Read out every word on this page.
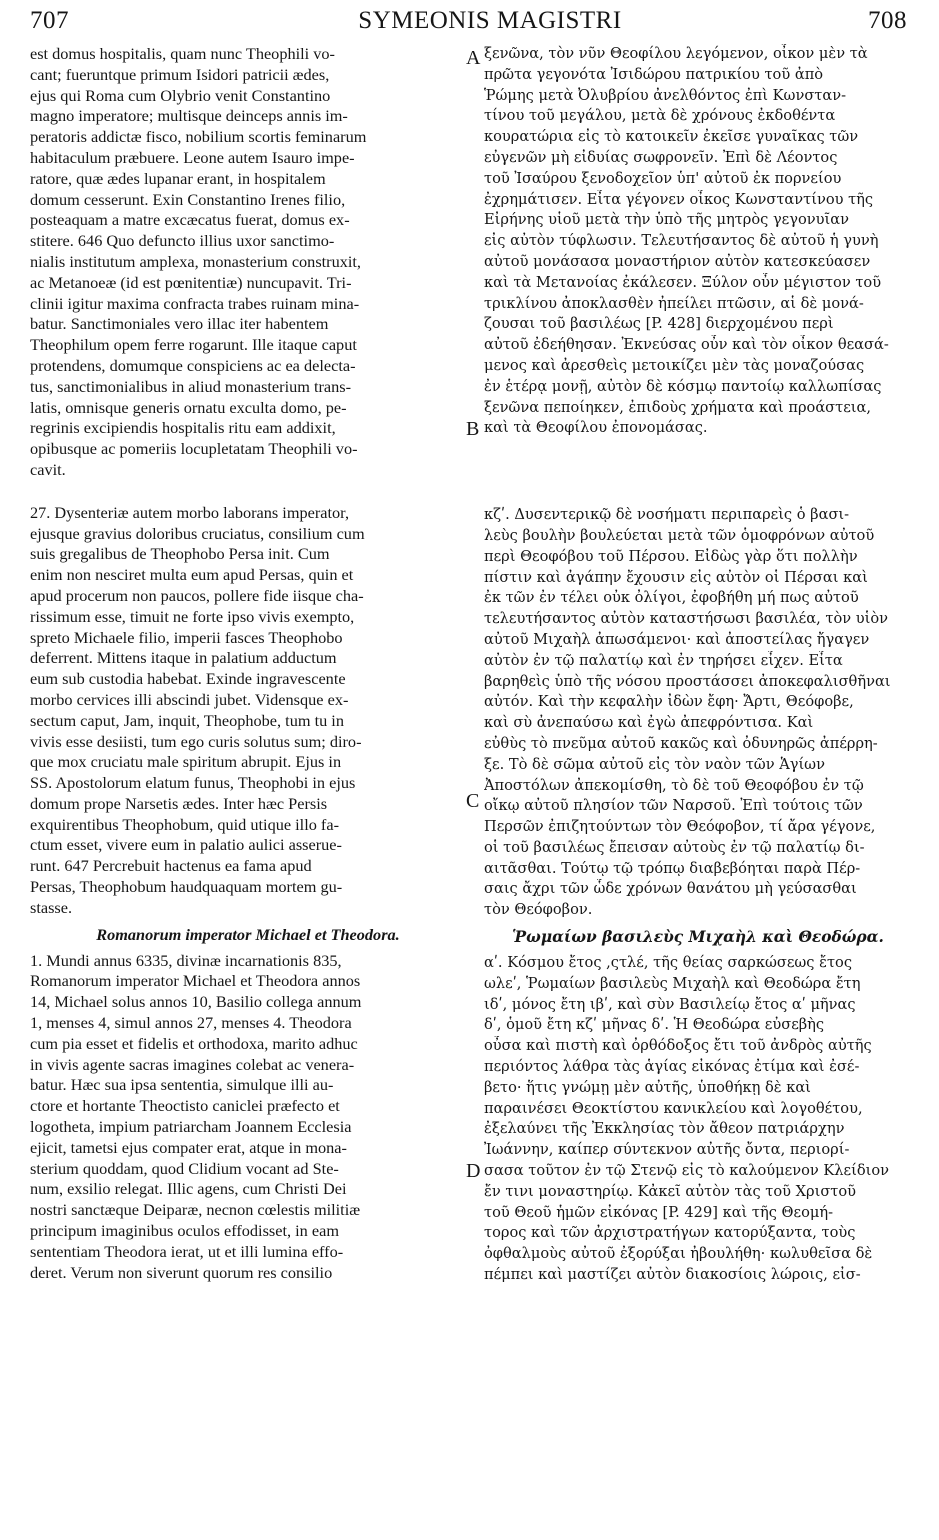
707	SYMEONIS MAGISTRI	708
est domus hospitalis, quam nunc Theophili vo-
cant; fueruntque primum Isidori patricii ædes,
ejus qui Roma cum Olybrio venit Constantino
magno imperatore; multisque deinceps annis im-
peratoris addictæ fisco, nobilium scortis feminarum
habitaculum præbuere. Leone autem Isauro impe-
ratore, quæ ædes lupanar erant, in hospitalem
domum cesserunt. Exin Constantino Irenes filio,
posteaquam a matre excæcatus fuerat, domus ex-
stitere. 646 Quo defuncto illius uxor sanctimo-
nialis institutum amplexa, monasterium construxit,
ac Metanoeæ (id est pœnitentiæ) nuncupavit. Tri-
clinii igitur maxima confracta trabes ruinam mina-
batur. Sanctimoniales vero illac iter habentem
Theophilum opem ferre rogarunt. Ille itaque caput
protendens, domumque conspiciens ac ea delecta-
tus, sanctimonialibus in aliud monasterium trans-
latis, omnisque generis ornatu exculta domo, pe-
regrinis excipiendis hospitalis ritu eam addixit,
opibusque ac pomeriis locupletatam Theophili vo-
cavit.
27. Dysenteriæ autem morbo laborans imperator,
ejusque gravius doloribus cruciatus, consilium cum
suis gregalibus de Theophobo Persa init. Cum
enim non nesciret multa eum apud Persas, quin et
apud procerum non paucos, pollere fide iisque cha-
rissimum esse, timuit ne forte ipso vivis exempto,
spreto Michaele filio, imperii fasces Theophobo
deferrent. Mittens itaque in palatium adductum
eum sub custodia habebat. Exinde ingravescente
morbo cervices illi abscindi jubet. Vidensque ex-
sectum caput, Jam, inquit, Theophobe, tum tu in
vivis esse desiisti, tum ego curis solutus sum; diro-
que mox cruciatu male spiritum abrupit. Ejus in
SS. Apostolorum elatum funus, Theophobi in ejus
domum prope Narsetis ædes. Inter hæc Persis
exquirentibus Theophobum, quid utique illo fa-
ctum esset, vivere eum in palatio aulici asserue-
runt. 647 Percrebuit hactenus ea fama apud
Persas, Theophobum haudquaquam mortem gu-
stasse.
Romanorum imperator Michael et Theodora.
1. Mundi annus 6335, divinæ incarnationis 835,
Romanorum imperator Michael et Theodora annos
14, Michael solus annos 10, Basilio collega annum
1, menses 4, simul annos 27, menses 4. Theodora
cum pia esset et fidelis et orthodoxa, marito adhuc
in vivis agente sacras imagines colebat ac venera-
batur. Hæc sua ipsa sententia, simulque illi au-
ctore et hortante Theoctisto caniclei præfecto et
logotheta, impium patriarcham Joannem Ecclesia
ejicit, tametsi ejus compater erat, atque in mona-
sterium quoddam, quod Clidium vocant ad Ste-
num, exsilio relegat. Illic agens, cum Christi Dei
nostri sanctæque Deiparæ, necnon cœlestis militiæ
principum imaginibus oculos effodisset, in eam
sententiam Theodora ierat, ut et illi lumina effo-
deret. Verum non siverunt quorum res consilio
ξενῶνα, τὸν νῦν Θεοφίλου λεγόμενον, οἶκον μὲν τὰ
πρῶτα γεγονότα Ἰσιδώρου πατρικίου τοῦ ἀπὸ
Ῥώμης μετὰ Ὀλυβρίου ἀνελθόντος ἐπὶ Κωνσταν-
τίνου τοῦ μεγάλου, μετὰ δὲ χρόνους ἐκδοθέντα
κουρατώρια εἰς τὸ κατοικεῖν ἐκεῖσε γυναῖκας τῶν
εὐγενῶν μὴ εἰδυίας σωφρονεῖν. Ἐπὶ δὲ Λέοντος
τοῦ Ἰσαύρου ξενοδοχεῖον ὑπ' αὐτοῦ ἐκ πορνείου
ἐχρημάτισεν. Εἶτα γέγονεν οἶκος Κωνσταντίνου τῆς
Εἰρήνης υἱοῦ μετὰ τὴν ὑπὸ τῆς μητρὸς γεγονυῖαν
εἰς αὐτὸν τύφλωσιν. Τελευτήσαντος δὲ αὐτοῦ ἡ γυνὴ
αὐτοῦ μονάσασα μοναστήριον αὐτὸν κατεσκεύασεν
καὶ τὰ Μετανοίας ἐκάλεσεν. Ξύλον οὖν μέγιστον τοῦ
τρικλίνου ἀποκλασθὲν ἠπείλει πτῶσιν, αἱ δὲ μονά-
ζουσαι τοῦ βασιλέως [P. 428] διερχομένου περὶ
αὐτοῦ ἐδεήθησαν. Ἐκνεύσας οὖν καὶ τὸν οἶκον θεασά-
μενος καὶ ἀρεσθεὶς μετοικίζει μὲν τὰς μοναζούσας
ἐν ἑτέρᾳ μονῇ, αὐτὸν δὲ κόσμῳ παντοίῳ καλλωπίσας
ξενῶνα πεποίηκεν, ἐπιδοὺς χρήματα καὶ προάστεια,
καὶ τὰ Θεοφίλου ἐπονομάσας.
κζʹ. Δυσεντερικῷ δὲ νοσήματι περιπαρεὶς ὁ βασι-
λεὺς βουλὴν βουλεύεται μετὰ τῶν ὁμοφρόνων αὐτοῦ
περὶ Θεοφόβου τοῦ Πέρσου. Εἰδὼς γὰρ ὅτι πολλὴν
πίστιν καὶ ἀγάπην ἔχουσιν εἰς αὐτὸν οἱ Πέρσαι καὶ
ἐκ τῶν ἐν τέλει οὐκ ὀλίγοι, ἐφοβήθη μή πως αὐτοῦ
τελευτήσαντος αὐτὸν καταστήσωσι βασιλέα, τὸν υἱὸν
αὐτοῦ Μιχαὴλ ἀπωσάμενοι· καὶ ἀποστείλας ἤγαγεν
αὐτὸν ἐν τῷ παλατίῳ καὶ ἐν τηρήσει εἶχεν. Εἶτα
βαρηθεὶς ὑπὸ τῆς νόσου προστάσσει ἀποκεφαλισθῆναι
αὐτόν. Καὶ τὴν κεφαλὴν ἰδὼν ἔφη· Ἄρτι, Θεόφοβε,
καὶ σὺ ἀνεπαύσω καὶ ἐγὼ ἀπεφρόντισα. Καὶ
εὐθὺς τὸ πνεῦμα αὐτοῦ κακῶς καὶ ὀδυνηρῶς ἀπέρρη-
ξε. Τὸ δὲ σῶμα αὐτοῦ εἰς τὸν ναὸν τῶν Ἁγίων
Ἀποστόλων ἀπεκομίσθη, τὸ δὲ τοῦ Θεοφόβου ἐν τῷ
οἴκῳ αὐτοῦ πλησίον τῶν Ναρσοῦ. Ἐπὶ τούτοις τῶν
Περσῶν ἐπιζητούντων τὸν Θεόφοβον, τί ἄρα γέγονε,
οἱ τοῦ βασιλέως ἔπεισαν αὐτοὺς ἐν τῷ παλατίῳ δι-
αιτᾶσθαι. Τούτῳ τῷ τρόπῳ διαβεβόηται παρὰ Πέρ-
σαις ἄχρι τῶν ὧδε χρόνων θανάτου μὴ γεύσασθαι
τὸν Θεόφοβον.
Ῥωμαίων βασιλεὺς Μιχαὴλ καὶ Θεοδώρα.
αʹ. Κόσμου ἔτος ,ςτλέ, τῆς θείας σαρκώσεως ἔτος
ωλεʹ, Ῥωμαίων βασιλεὺς Μιχαὴλ καὶ Θεοδώρα ἔτη
ιδʹ, μόνος ἔτη ιβʹ, καὶ σὺν Βασιλείῳ ἔτος αʹ μῆνας
δʹ, ὁμοῦ ἔτη κζʹ μῆνας δʹ. Ἡ Θεοδώρα εὐσεβὴς
οὖσα καὶ πιστὴ καὶ ὀρθόδοξος ἔτι τοῦ ἀνδρὸς αὐτῆς
περιόντος λάθρα τὰς ἁγίας εἰκόνας ἐτίμα καὶ ἐσέ-
βετο· ἥτις γνώμῃ μὲν αὐτῆς, ὑποθήκῃ δὲ καὶ
παραινέσει Θεοκτίστου κανικλείου καὶ λογοθέτου,
ἐξελαύνει τῆς Ἐκκλησίας τὸν ἄθεον πατριάρχην
Ἰωάννην, καίπερ σύντεκνον αὐτῆς ὄντα, περιορί-
σασα τοῦτον ἐν τῷ Στενῷ εἰς τὸ καλούμενον Κλείδιον
ἔν τινι μοναστηρίῳ. Κἀκεῖ αὐτὸν τὰς τοῦ Χριστοῦ
τοῦ Θεοῦ ἡμῶν εἰκόνας [P. 429] καὶ τῆς Θεομή-
τορος καὶ τῶν ἀρχιστρατήγων κατορύξαντα, τοὺς
ὀφθαλμοὺς αὐτοῦ ἐξορύξαι ἠβουλήθη· κωλυθεῖσα δὲ
πέμπει καὶ μαστίζει αὐτὸν διακοσίοις λώροις, εἰσ-
A
B
C
D
